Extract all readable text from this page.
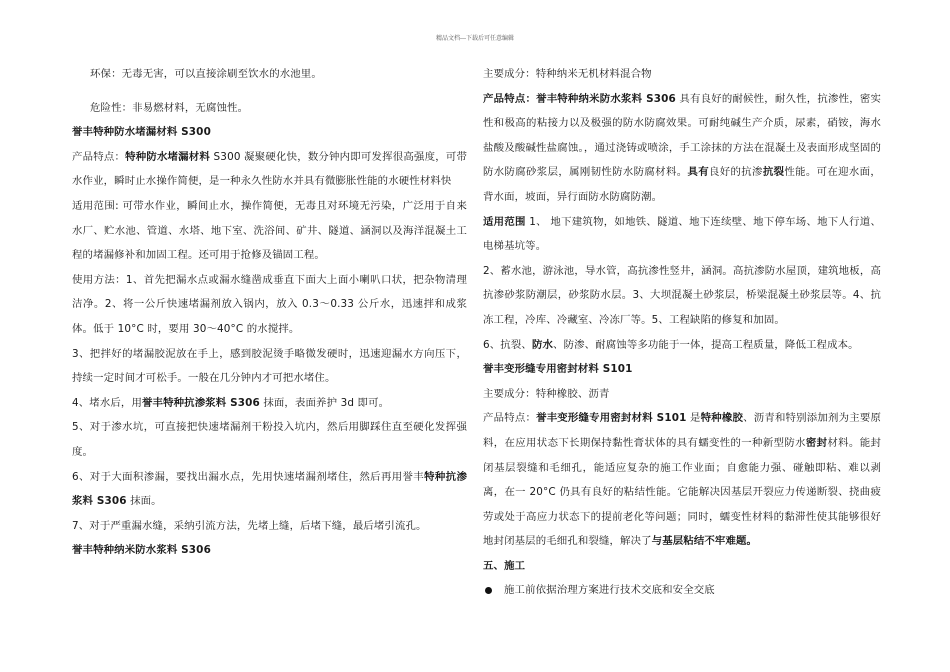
精品文档---下载后可任意编辑

环保：无毒无害，可以直接涂刷至饮水的水池里。

危险性：非易燃材料，无腐蚀性。

誉丰特种防水堵漏材料 S300

产品特点：特种防水堵漏材料 S300 凝聚硬化快，数分钟内即可发挥很高强度，可带水作业，瞬时止水操作简便，是一种永久性防水并具有微膨胀性能的水硬性材料快

适用范围: 可带水作业，瞬间止水，操作简便，无毒且对环境无污染，广泛用于自来水厂、贮水池、管道、水塔、地下室、洗浴间、矿井、隧道、涵洞以及海洋混凝土工程的堵漏修补和加固工程。还可用于抢修及锚固工程。

使用方法：1、首先把漏水点或漏水缝凿成垂直下面大上面小喇叭口状，把杂物清理洁净。2、将一公斤快速堵漏剂放入锅内，放入 0.3～0.33 公斤水，迅速拌和成浆体。低于 10°C 时，要用 30～40°C 的水搅拌。

3、把拌好的堵漏胶泥放在手上，感到胶泥烫手略微发硬时，迅速迎漏水方向压下，持续一定时间才可松手。一般在几分钟内才可把水堵住。

4、堵水后，用誉丰特种抗渗浆料 S306 抹面，表面养护 3d 即可。

5、对于渗水坑，可直接把快速堵漏剂干粉投入坑内，然后用脚踩住直至硬化发挥强度。

6、对于大面积渗漏，要找出漏水点，先用快速堵漏剂堵住，然后再用誉丰特种抗渗浆料 S306 抹面。

7、对于严重漏水缝，采纳引流方法，先堵上缝，后堵下缝，最后堵引流孔。

誉丰特种纳米防水浆料 S306

主要成分：特种纳米无机材料混合物

产品特点：誉丰特种纳米防水浆料 S306 具有良好的耐候性，耐久性，抗渗性，密实性和极高的粘接力以及极强的防水防腐效果。可耐纯碱生产介质，尿素，硝铵，海水 盐酸及酸碱性盐腐蚀。，通过浇铸或喷涂，手工涂抹的方法在混凝土及表面形成坚固的防水防腐砂浆层，属刚韧性防水防腐材料。具有良好的抗渗抗裂性能。可在迎水面，背水面，坡面，异行面防水防腐防潮。

适用范围 1、 地下建筑物，如地铁、隧道、地下连续壁、地下停车场、地下人行道、电梯基坑等。

2、蓄水池，游泳池，导水管，高抗渗性竖井，涵洞。高抗渗防水屋顶，建筑地板，高抗渗砂浆防潮层，砂浆防水层。3、大坝混凝土砂浆层，桥梁混凝土砂浆层等。4、抗冻工程，冷库、冷藏室、冷冻厂等。5、工程缺陷的修复和加固。

6、抗裂、防水、防渗、耐腐蚀等多功能于一体，提高工程质量，降低工程成本。

誉丰变形缝专用密封材料 S101

主要成分：特种橡胶、沥青

产品特点：誉丰变形缝专用密封材料 S101 是特种橡胶、沥青和特别添加剂为主要原料，在应用状态下长期保持黏性膏状体的具有蠕变性的一种新型防水密封材料。能封闭基层裂缝和毛细孔，能适应复杂的施工作业面；自愈能力强、碰触即粘、难以剥离，在一 20°C 仍具有良好的粘结性能。它能解决因基层开裂应力传递断裂、挠曲疲劳或处于高应力状态下的提前老化等问题；同时，蠕变性材料的黏滞性使其能够很好地封闭基层的毛细孔和裂缝，解决了与基层粘结不牢难题。

五、施工

施工前依据治理方案进行技术交底和安全交底
